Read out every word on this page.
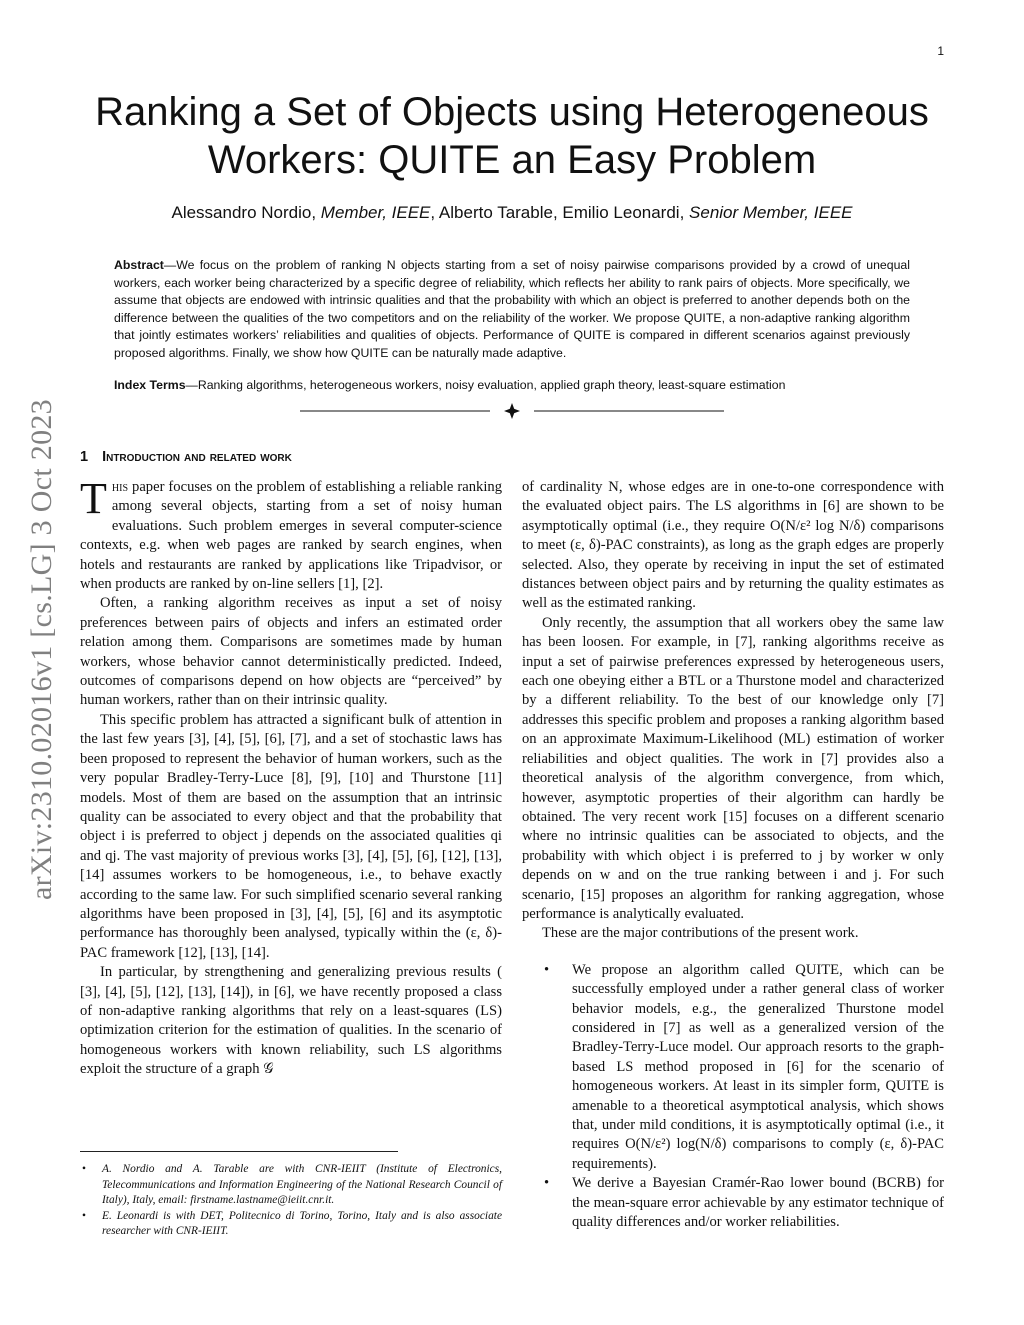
1
arXiv:2310.02016v1 [cs.LG] 3 Oct 2023
Ranking a Set of Objects using Heterogeneous
Workers: QUITE an Easy Problem
Alessandro Nordio, Member, IEEE, Alberto Tarable, Emilio Leonardi, Senior Member, IEEE

Abstract—We focus on the problem of ranking N objects starting from a set of noisy pairwise comparisons provided by a crowd of unequal workers, each worker being characterized by a specific degree of reliability, which reflects her ability to rank pairs of objects. More specifically, we assume that objects are endowed with intrinsic qualities and that the probability with which an object is preferred to another depends both on the difference between the qualities of the two competitors and on the reliability of the worker. We propose QUITE, a non-adaptive ranking algorithm that jointly estimates workers’ reliabilities and qualities of objects. Performance of QUITE is compared in different scenarios against previously proposed algorithms. Finally, we show how QUITE can be naturally made adaptive.

Index Terms—Ranking algorithms, heterogeneous workers, noisy evaluation, applied graph theory, least-square estimation

1 Introduction and related work

This paper focuses on the problem of establishing a reliable ranking among several objects, starting from a set of noisy human evaluations. Such problem emerges in several computer-science contexts, e.g. when web pages are ranked by search engines, when hotels and restaurants are ranked by applications like Tripadvisor, or when products are ranked by on-line sellers [1], [2].

Often, a ranking algorithm receives as input a set of noisy preferences between pairs of objects and infers an estimated order relation among them. Comparisons are sometimes made by human workers, whose behavior cannot deterministically predicted. Indeed, outcomes of comparisons depend on how objects are “perceived” by human workers, rather than on their intrinsic quality.

This specific problem has attracted a significant bulk of attention in the last few years [3], [4], [5], [6], [7], and a set of stochastic laws has been proposed to represent the behavior of human workers, such as the very popular Bradley-Terry-Luce [8], [9], [10] and Thurstone [11] models. Most of them are based on the assumption that an intrinsic quality can be associated to every object and that the probability that object i is preferred to object j depends on the associated qualities qi and qj. The vast majority of previous works [3], [4], [5], [6], [12], [13], [14] assumes workers to be homogeneous, i.e., to behave exactly according to the same law. For such simplified scenario several ranking algorithms have been proposed in [3], [4], [5], [6] and its asymptotic performance has thoroughly been analysed, typically within the (ε, δ)-PAC framework [12], [13], [14].

In particular, by strengthening and generalizing previous results ( [3], [4], [5], [12], [13], [14]), in [6], we have recently proposed a class of non-adaptive ranking algorithms that rely on a least-squares (LS) optimization criterion for the estimation of qualities. In the scenario of homogeneous workers with known reliability, such LS algorithms exploit the structure of a graph 𝒢

of cardinality N, whose edges are in one-to-one correspondence with the evaluated object pairs. The LS algorithms in [6] are shown to be asymptotically optimal (i.e., they require O(N/ε² log N/δ) comparisons to meet (ε, δ)-PAC constraints), as long as the graph edges are properly selected. Also, they operate by receiving in input the set of estimated distances between object pairs and by returning the quality estimates as well as the estimated ranking.

Only recently, the assumption that all workers obey the same law has been loosen. For example, in [7], ranking algorithms receive as input a set of pairwise preferences expressed by heterogeneous users, each one obeying either a BTL or a Thurstone model and characterized by a different reliability. To the best of our knowledge only [7] addresses this specific problem and proposes a ranking algorithm based on an approximate Maximum-Likelihood (ML) estimation of worker reliabilities and object qualities. The work in [7] provides also a theoretical analysis of the algorithm convergence, from which, however, asymptotic properties of their algorithm can hardly be obtained. The very recent work [15] focuses on a different scenario where no intrinsic qualities can be associated to objects, and the probability with which object i is preferred to j by worker w only depends on w and on the true ranking between i and j. For such scenario, [15] proposes an algorithm for ranking aggregation, whose performance is analytically evaluated.

These are the major contributions of the present work.

• We propose an algorithm called QUITE, which can be successfully employed under a rather general class of worker behavior models, e.g., the generalized Thurstone model considered in [7] as well as a generalized version of the Bradley-Terry-Luce model. Our approach resorts to the graph-based LS method proposed in [6] for the scenario of homogeneous workers. At least in its simpler form, QUITE is amenable to a theoretical asymptotical analysis, which shows that, under mild conditions, it is asymptotically optimal (i.e., it requires O(N/ε²) log(N/δ) comparisons to comply (ε, δ)-PAC requirements).
• We derive a Bayesian Cramér-Rao lower bound (BCRB) for the mean-square error achievable by any estimator technique of quality differences and/or worker reliabilities.
• A. Nordio and A. Tarable are with CNR-IEIIT (Institute of Electronics, Telecommunications and Information Engineering of the National Research Council of Italy), Italy, email: firstname.lastname@ieiit.cnr.it.
• E. Leonardi is with DET, Politecnico di Torino, Torino, Italy and is also associate researcher with CNR-IEIIT.
